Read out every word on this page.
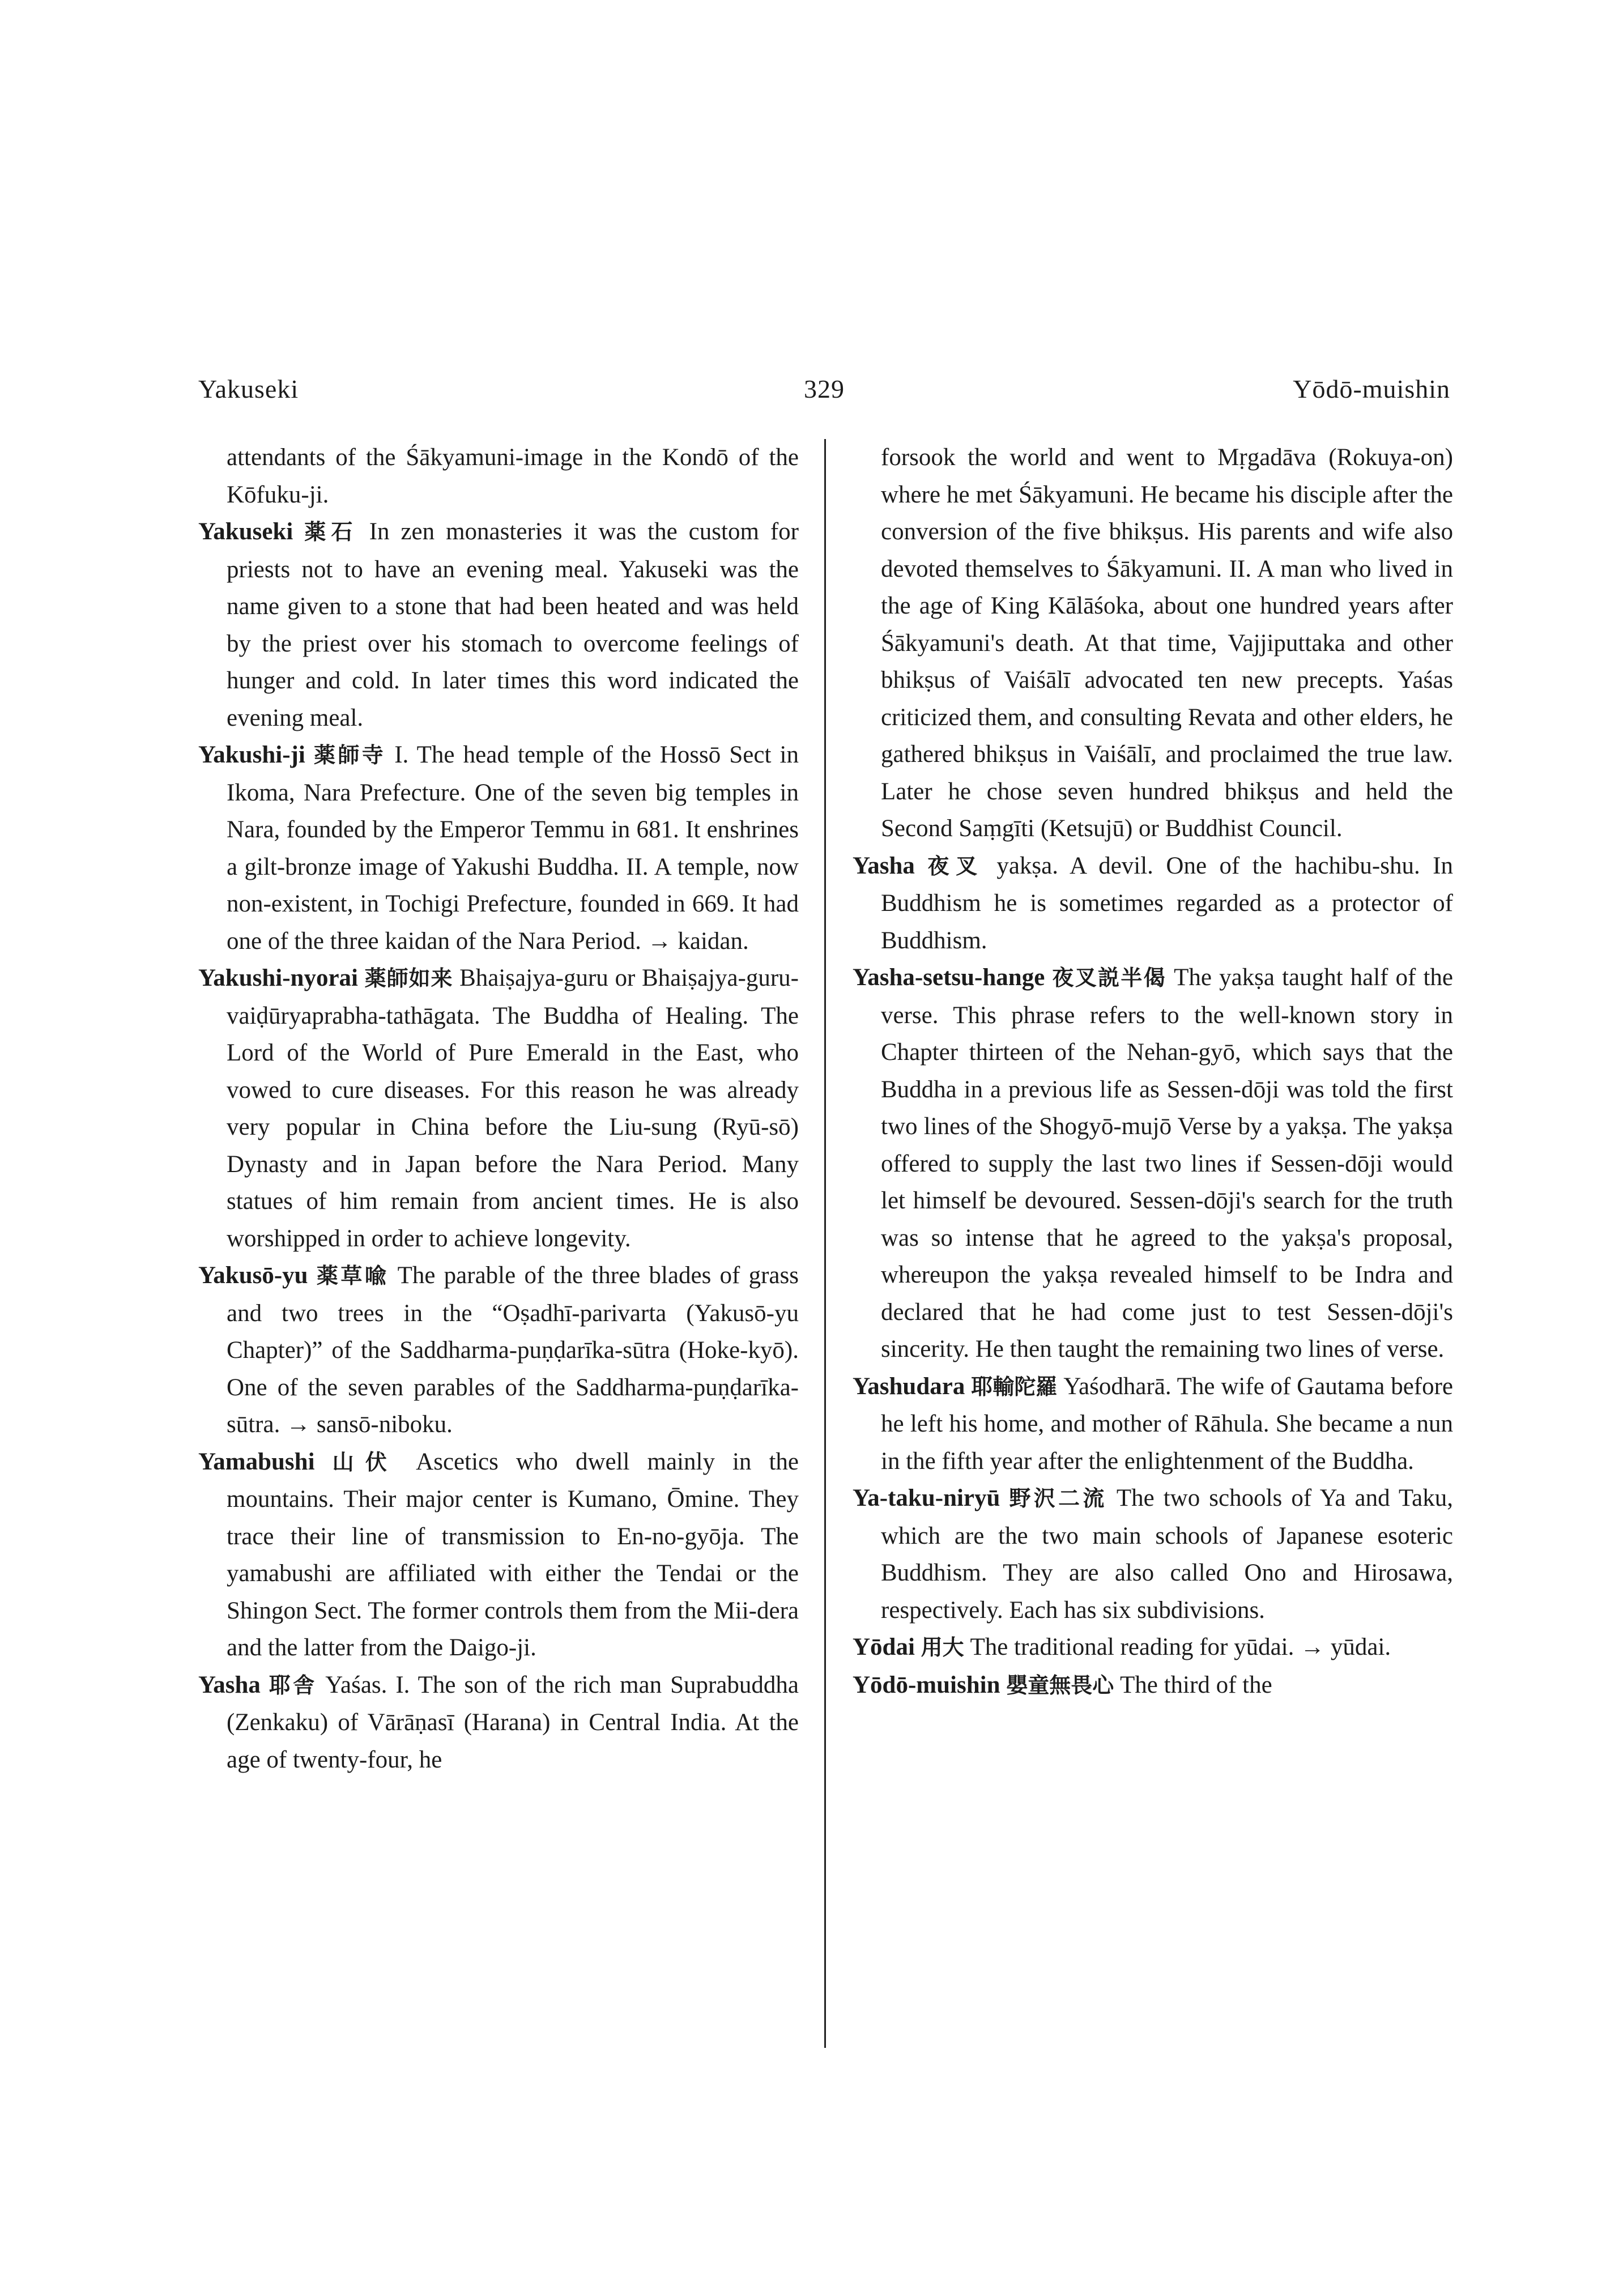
329
Yakuseki	Yōdō-muishin

attendants of the Śākyamuni-image in the Kondō of the Kōfuku-ji.

Yakuseki 薬石 In zen monasteries it was the custom for priests not to have an evening meal. Yakuseki was the name given to a stone that had been heated and was held by the priest over his stomach to overcome feelings of hunger and cold. In later times this word indicated the evening meal.

Yakushi-ji 薬師寺 I. The head temple of the Hossō Sect in Ikoma, Nara Prefecture. One of the seven big temples in Nara, founded by the Emperor Temmu in 681. It enshrines a gilt-bronze image of Yakushi Buddha. II. A temple, now non-existent, in Tochigi Prefecture, founded in 669. It had one of the three kaidan of the Nara Period. → kaidan.

Yakushi-nyorai 薬師如来 Bhaiṣajya-guru or Bhaiṣajya-guru-vaiḍūryaprabha-tathāgata. The Buddha of Healing. The Lord of the World of Pure Emerald in the East, who vowed to cure diseases. For this reason he was already very popular in China before the Liu-sung (Ryū-sō) Dynasty and in Japan before the Nara Period. Many statues of him remain from ancient times. He is also worshipped in order to achieve longevity.

Yakusō-yu 薬草喩 The parable of the three blades of grass and two trees in the “Oṣadhī-parivarta (Yakusō-yu Chapter)” of the Saddharma-puṇḍarīka-sūtra (Hoke-kyō). One of the seven parables of the Saddharma-puṇḍarīka-sūtra. → sansō-niboku.

Yamabushi 山伏 Ascetics who dwell mainly in the mountains. Their major center is Kumano, Ōmine. They trace their line of transmission to En-no-gyōja. The yamabushi are affiliated with either the Tendai or the Shingon Sect. The former controls them from the Mii-dera and the latter from the Daigo-ji.

Yasha 耶舎 Yaśas. I. The son of the rich man Suprabuddha (Zenkaku) of Vārāṇasī (Harana) in Central India. At the age of twenty-four, he

forsook the world and went to Mṛgadāva (Rokuya-on) where he met Śākyamuni. He became his disciple after the conversion of the five bhikṣus. His parents and wife also devoted themselves to Śākyamuni. II. A man who lived in the age of King Kālāśoka, about one hundred years after Śākyamuni's death. At that time, Vajjiputtaka and other bhikṣus of Vaiśālī advocated ten new precepts. Yaśas criticized them, and consulting Revata and other elders, he gathered bhikṣus in Vaiśālī, and proclaimed the true law. Later he chose seven hundred bhikṣus and held the Second Saṃgīti (Ketsujū) or Buddhist Council.

Yasha 夜叉 yakṣa. A devil. One of the hachibu-shu. In Buddhism he is sometimes regarded as a protector of Buddhism.

Yasha-setsu-hange 夜叉説半偈 The yakṣa taught half of the verse. This phrase refers to the well-known story in Chapter thirteen of the Nehan-gyō, which says that the Buddha in a previous life as Sessen-dōji was told the first two lines of the Shogyō-mujō Verse by a yakṣa. The yakṣa offered to supply the last two lines if Sessen-dōji would let himself be devoured. Sessen-dōji's search for the truth was so intense that he agreed to the yakṣa's proposal, whereupon the yakṣa revealed himself to be Indra and declared that he had come just to test Sessen-dōji's sincerity. He then taught the remaining two lines of verse.

Yashudara 耶輸陀羅 Yaśodharā. The wife of Gautama before he left his home, and mother of Rāhula. She became a nun in the fifth year after the enlightenment of the Buddha.

Ya-taku-niryū 野沢二流 The two schools of Ya and Taku, which are the two main schools of Japanese esoteric Buddhism. They are also called Ono and Hirosawa, respectively. Each has six subdivisions.

Yōdai 用大 The traditional reading for yūdai. → yūdai.

Yōdō-muishin 嬰童無畏心 The third of the
